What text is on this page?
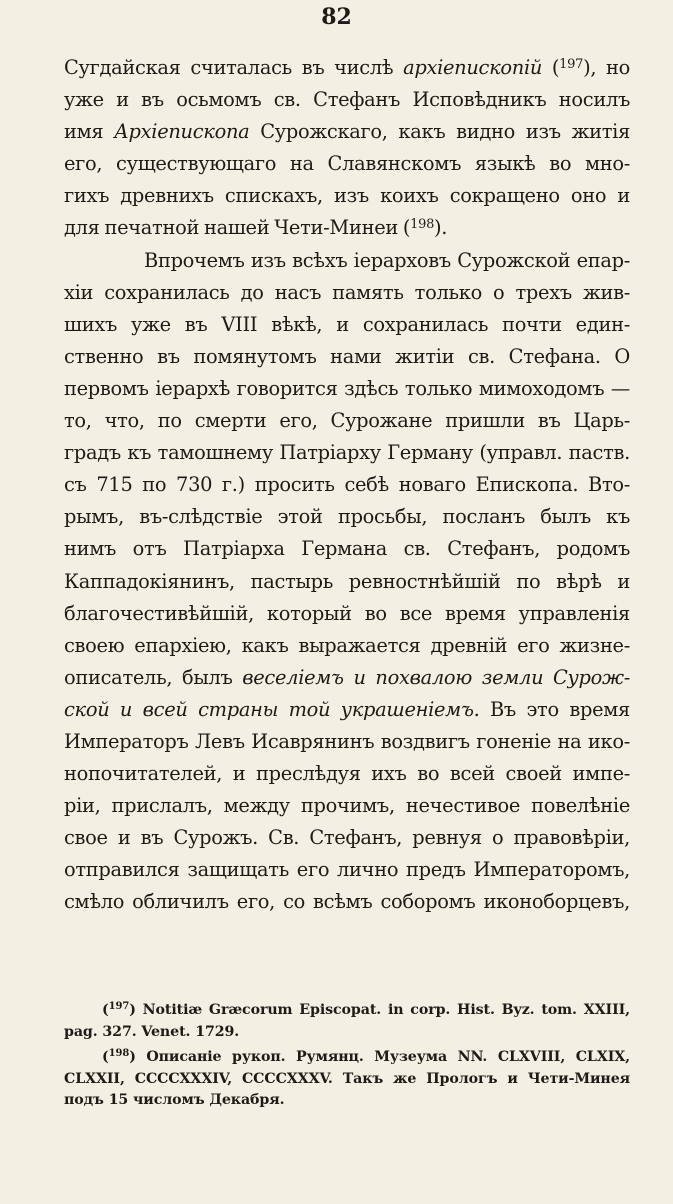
82
Сугдайская считалась въ числѣ архіепископій ($^{197}$), но
уже и въ осьмомъ св. Стефанъ Исповѣдникъ носилъ
имя Архіепископа Сурожскаго, какъ видно изъ житія
его, существующаго на Славянскомъ языкѣ во мно-
гихъ древнихъ спискахъ, изъ коихъ сокращено оно и
для печатной нашей Чети-Минеи ($^{198}$).
Впрочемъ изъ всѣхъ іерарховъ Сурожской епар-
хіи сохранилась до насъ память только о трехъ жив-
шихъ уже въ VIII вѣкѣ, и сохранилась почти един-
ственно въ помянутомъ нами житіи св. Стефана. О
первомъ іерархѣ говорится здѣсь только мимоходомъ —
то, что, по смерти его, Сурожане пришли въ Царь-
градъ къ тамошнему Патріарху Герману (управл. паств.
съ 715 по 730 г.) просить себѣ новаго Епископа. Вто-
рымъ, въ-слѣдствіе этой просьбы, посланъ былъ къ
нимъ отъ Патріарха Германа св. Стефанъ, родомъ
Каппадокіянинъ, пастырь ревностнѣйшій по вѣрѣ и
благочестивѣйшій, который во все время управленія
своею епархіею, какъ выражается древній его жизне-
описатель, былъ веселіемъ и похвалою земли Сурож-
ской и всей страны той украшеніемъ. Въ это время
Императоръ Левъ Исаврянинъ воздвигъ гоненіе на ико-
нопочитателей, и преслѣдуя ихъ во всей своей импе-
ріи, прислалъ, между прочимъ, нечестивое повелѣніе
свое и въ Сурожъ. Св. Стефанъ, ревнуя о правовѣріи,
отправился защищать его лично предъ Императоромъ,
смѣло обличилъ его, со всѣмъ соборомъ иконоборцевъ,
($^{197}$) Notitiæ Græcorum Episcopat. in corp. Hist. Byz. tom. XXIII,
pag. 327. Venet. 1729.
($^{198}$) Описаніе рукоп. Румянц. Музеума NN. CLXVIII, CLXIX,
CLXXII, CCCCXXXIV, CCCCXXXV. Такъ же Прологъ и Чети-Минея
подъ 15 числомъ Декабря.
